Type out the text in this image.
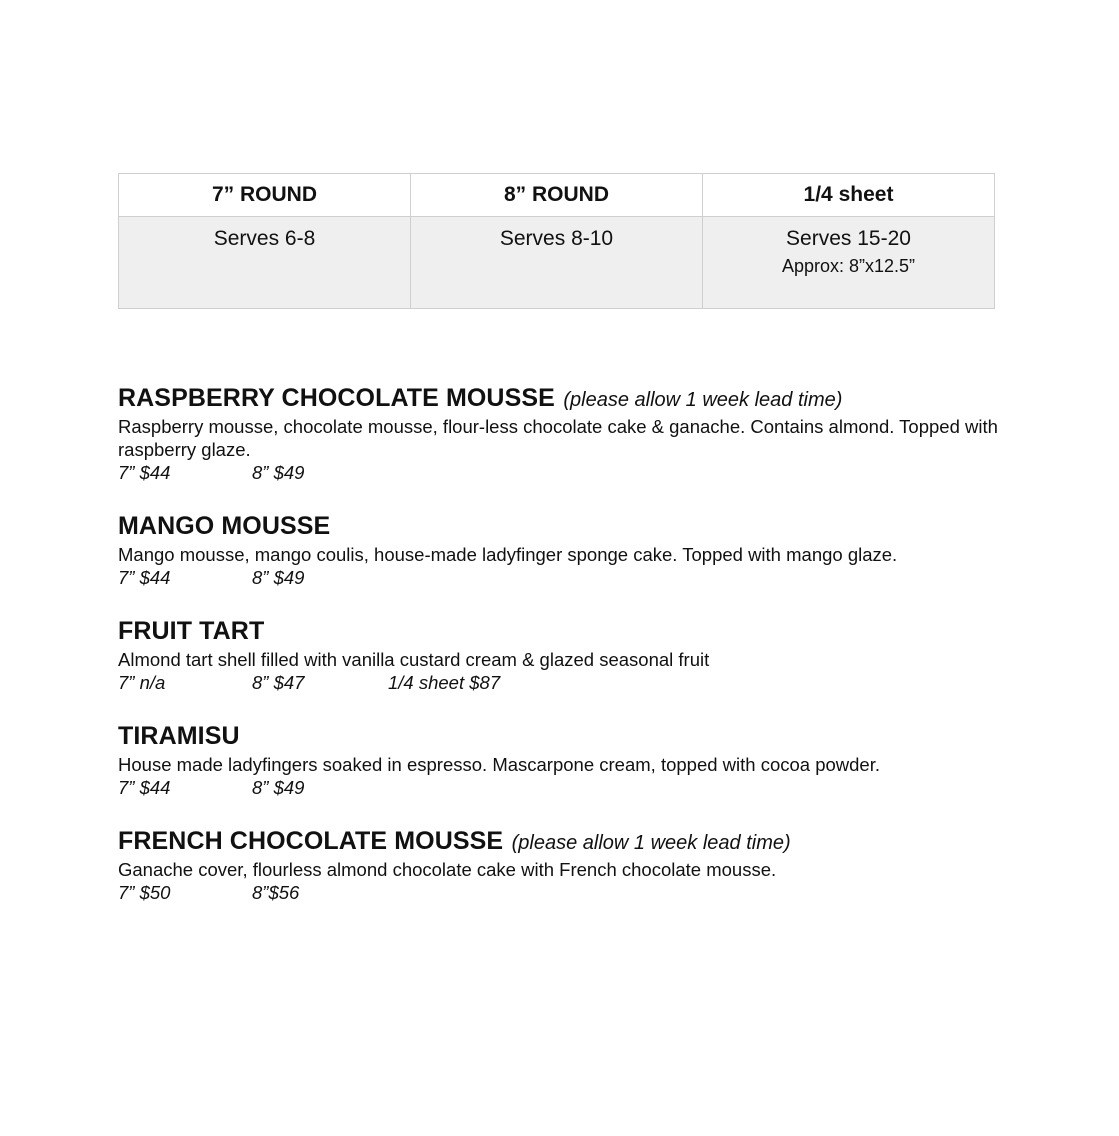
7” ROUND	8” ROUND	1/4 sheet

Serves 6-8	Serves 8-10	Serves 15-20
Approx: 8”x12.5”
RASPBERRY CHOCOLATE MOUSSE (please allow 1 week lead time)
Raspberry mousse, chocolate mousse, flour-less chocolate cake & ganache. Contains almond. Topped with raspberry glaze.
7” $44	8” $49
MANGO MOUSSE
Mango mousse, mango coulis, house-made ladyfinger sponge cake. Topped with mango glaze.
7” $44	8” $49
FRUIT TART
Almond tart shell filled with vanilla custard cream & glazed seasonal fruit
7” n/a	8” $47	1/4 sheet $87
TIRAMISU
House made ladyfingers soaked in espresso. Mascarpone cream, topped with cocoa powder.
7” $44	8” $49
FRENCH CHOCOLATE MOUSSE (please allow 1 week lead time)
Ganache cover, flourless almond chocolate cake with French chocolate mousse.
7” $50	8”$56
